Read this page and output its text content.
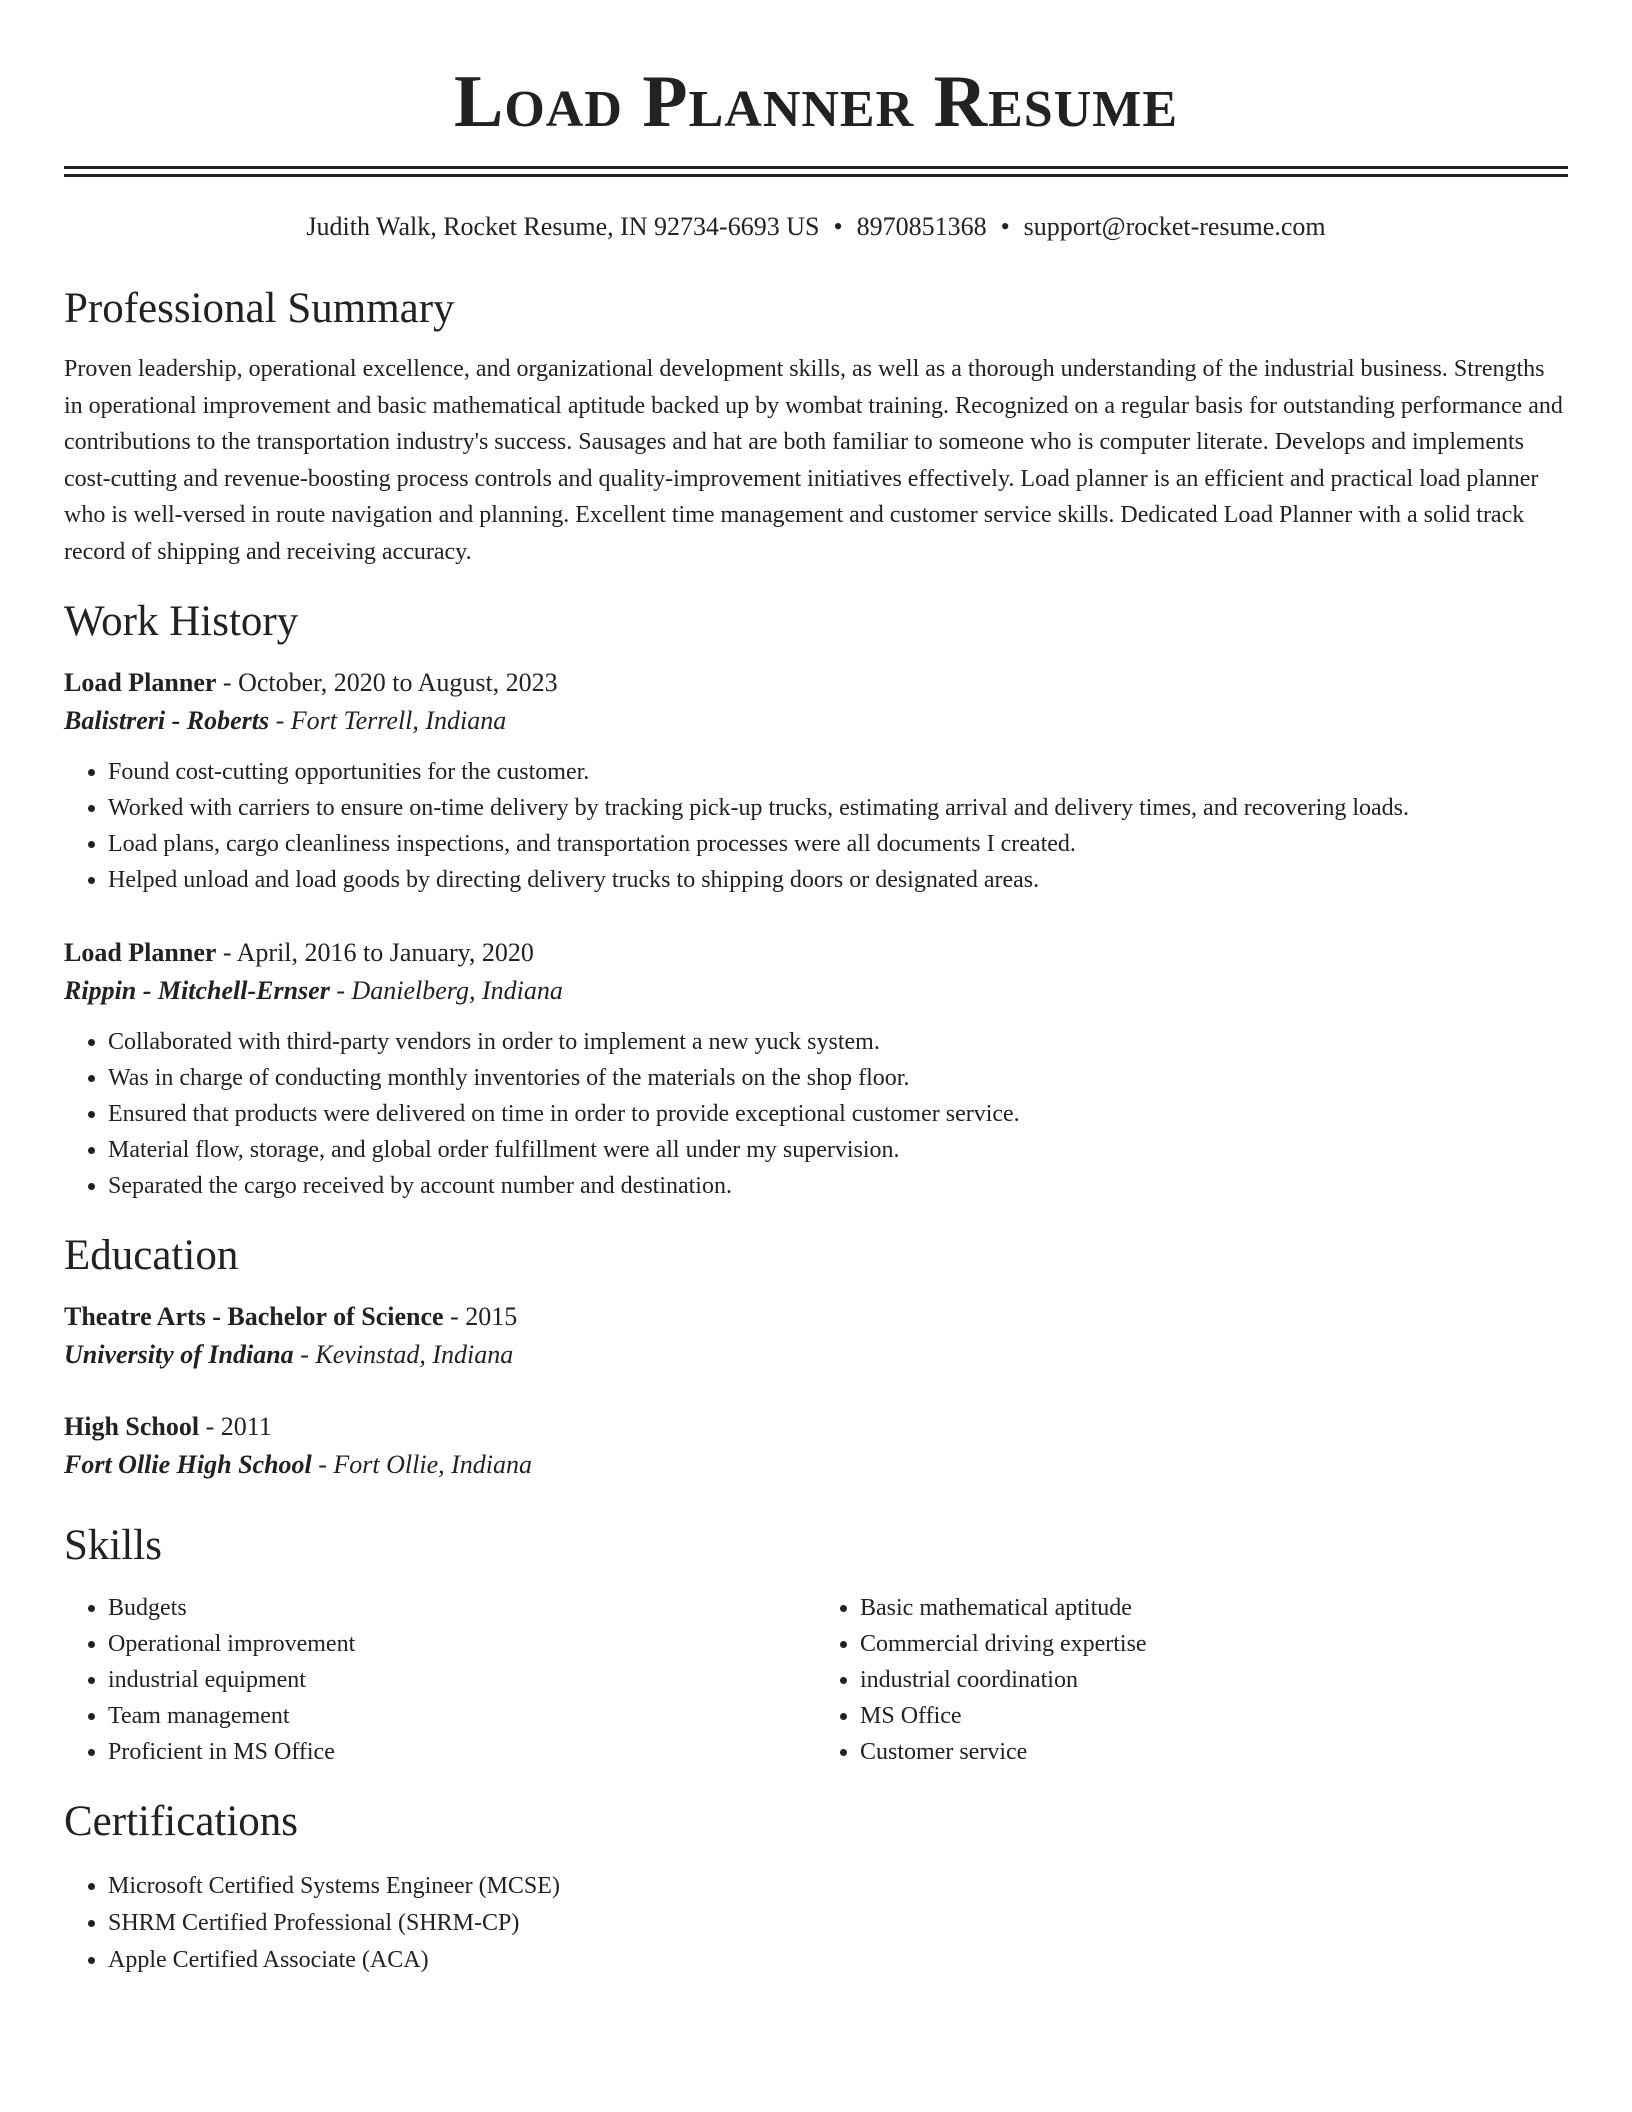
Load Planner Resume
Judith Walk, Rocket Resume, IN 92734-6693 US • 8970851368 • support@rocket-resume.com
Professional Summary

Proven leadership, operational excellence, and organizational development skills, as well as a thorough understanding of the industrial business. Strengths in operational improvement and basic mathematical aptitude backed up by wombat training. Recognized on a regular basis for outstanding performance and contributions to the transportation industry's success. Sausages and hat are both familiar to someone who is computer literate. Develops and implements cost-cutting and revenue-boosting process controls and quality-improvement initiatives effectively. Load planner is an efficient and practical load planner who is well-versed in route navigation and planning. Excellent time management and customer service skills. Dedicated Load Planner with a solid track record of shipping and receiving accuracy.

Work History
Load Planner - October, 2020 to August, 2023
Balistreri - Roberts - Fort Terrell, Indiana
• Found cost-cutting opportunities for the customer.
• Worked with carriers to ensure on-time delivery by tracking pick-up trucks, estimating arrival and delivery times, and recovering loads.
• Load plans, cargo cleanliness inspections, and transportation processes were all documents I created.
• Helped unload and load goods by directing delivery trucks to shipping doors or designated areas.
Load Planner - April, 2016 to January, 2020
Rippin - Mitchell-Ernser - Danielberg, Indiana
• Collaborated with third-party vendors in order to implement a new yuck system.
• Was in charge of conducting monthly inventories of the materials on the shop floor.
• Ensured that products were delivered on time in order to provide exceptional customer service.
• Material flow, storage, and global order fulfillment were all under my supervision.
• Separated the cargo received by account number and destination.
Education
Theatre Arts - Bachelor of Science - 2015
University of Indiana - Kevinstad, Indiana
High School - 2011
Fort Ollie High School - Fort Ollie, Indiana
Skills
• Budgets
• Operational improvement
• industrial equipment
• Team management
• Proficient in MS Office
• Basic mathematical aptitude
• Commercial driving expertise
• industrial coordination
• MS Office
• Customer service
Certifications
• Microsoft Certified Systems Engineer (MCSE)
• SHRM Certified Professional (SHRM-CP)
• Apple Certified Associate (ACA)
